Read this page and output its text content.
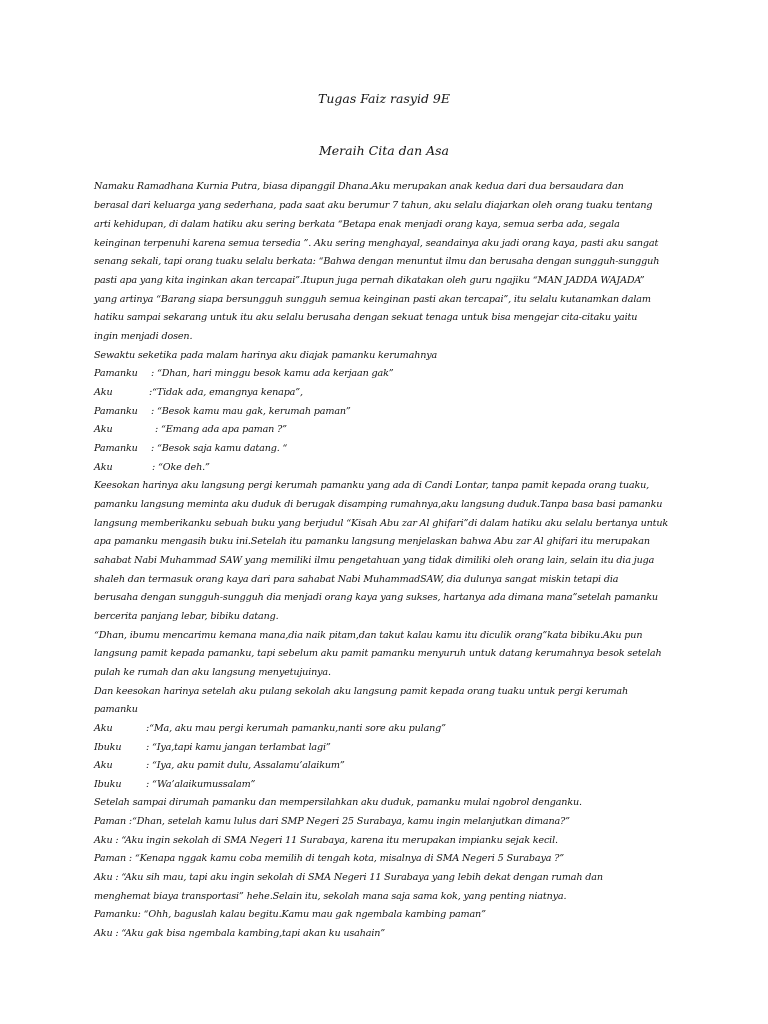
Tugas Faiz rasyid 9E
Meraih Cita dan Asa
Namaku Ramadhana Kurnia Putra, biasa dipanggil Dhana.Aku merupakan anak kedua dari dua bersaudara dan
berasal dari keluarga yang sederhana, pada saat aku berumur 7 tahun, aku selalu diajarkan oleh orang tuaku tentang
arti kehidupan, di dalam hatiku aku sering berkata “Betapa enak menjadi orang kaya, semua serba ada, segala
keinginan terpenuhi karena semua tersedia ”. Aku sering menghayal, seandainya aku jadi orang kaya, pasti aku sangat
senang sekali, tapi orang tuaku selalu berkata: “Bahwa dengan menuntut ilmu dan berusaha dengan sungguh-sungguh
pasti apa yang kita inginkan akan tercapai”.Itupun juga pernah dikatakan oleh guru ngajiku “MAN JADDA WAJADA”
yang artinya “Barang siapa bersungguh sungguh semua keinginan pasti akan tercapai”, itu selalu kutanamkan dalam
hatiku sampai sekarang untuk itu aku selalu berusaha dengan sekuat tenaga untuk bisa mengejar cita-citaku yaitu
ingin menjadi dosen.
Sewaktu seketika pada malam harinya aku diajak pamanku kerumahnya
Pamanku : “Dhan, hari minggu besok kamu ada kerjaan gak”
Aku	:“Tidak ada, emangnya kenapa”,
Pamanku : “Besok kamu mau gak, kerumah paman”
Aku	: “Emang ada apa paman ?”
Pamanku : “Besok saja kamu datang. “
Aku	: “Oke deh.”
Keesokan harinya aku langsung pergi kerumah pamanku yang ada di Candi Lontar, tanpa pamit kepada orang tuaku,
pamanku langsung meminta aku duduk di berugak disamping rumahnya,aku langsung duduk.Tanpa basa basi pamanku
langsung memberikanku sebuah buku yang berjudul “Kisah Abu zar Al ghifari”di dalam hatiku aku selalu bertanya untuk
apa pamanku mengasih buku ini.Setelah itu pamanku langsung menjelaskan bahwa Abu zar Al ghifari itu merupakan
sahabat Nabi Muhammad SAW yang memiliki ilmu pengetahuan yang tidak dimiliki oleh orang lain, selain itu dia juga
shaleh dan termasuk orang kaya dari para sahabat Nabi MuhammadSAW, dia dulunya sangat miskin tetapi dia
berusaha dengan sungguh-sungguh dia menjadi orang kaya yang sukses, hartanya ada dimana mana”setelah pamanku
bercerita panjang lebar, bibiku datang.
“Dhan, ibumu mencarimu kemana mana,dia naik pitam,dan takut kalau kamu itu diculik orang”kata bibiku.Aku pun
langsung pamit kepada pamanku, tapi sebelum aku pamit pamanku menyuruh untuk datang kerumahnya besok setelah
pulah ke rumah dan aku langsung menyetujuinya.
Dan keesokan harinya setelah aku pulang sekolah aku langsung pamit kepada orang tuaku untuk pergi kerumah
pamanku
Aku	:“Ma, aku mau pergi kerumah pamanku,nanti sore aku pulang”
Ibuku	: “Iya,tapi kamu jangan terlambat lagi”
Aku	: “Iya, aku pamit dulu, Assalamu’alaikum”
Ibuku	: “Wa’alaikumussalam”
Setelah sampai dirumah pamanku dan mempersilahkan aku duduk, pamanku mulai ngobrol denganku.
Paman :“Dhan, setelah kamu lulus dari SMP Negeri 25 Surabaya, kamu ingin melanjutkan dimana?”
Aku : “Aku ingin sekolah di SMA Negeri 11 Surabaya, karena itu merupakan impianku sejak kecil.
Paman : “Kenapa nggak kamu coba memilih di tengah kota, misalnya di SMA Negeri 5 Surabaya ?”
Aku : “Aku sih mau, tapi aku ingin sekolah di SMA Negeri 11 Surabaya yang lebih dekat dengan rumah dan
menghemat biaya transportasi” hehe.Selain itu, sekolah mana saja sama kok, yang penting niatnya.
Pamanku: “Ohh, baguslah kalau begitu.Kamu mau gak ngembala kambing paman”
Aku : “Aku gak bisa ngembala kambing,tapi akan ku usahain”
